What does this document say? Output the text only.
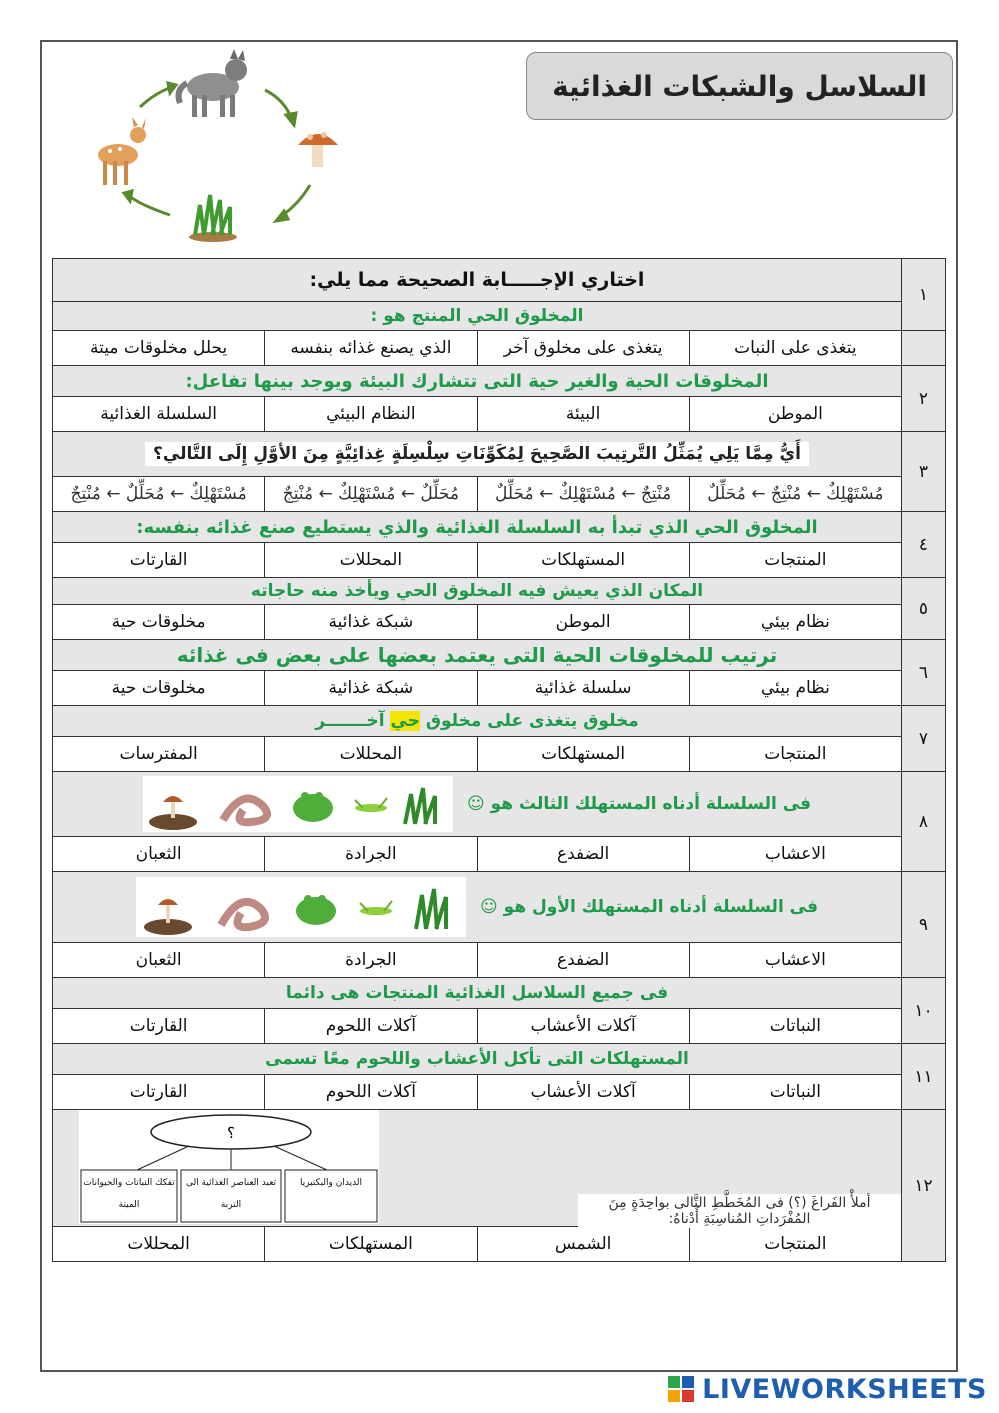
السلاسل والشبكات الغذائية
١	اختاري الإجـــــابة الصحيحة مما يلي:			
	المخلوق الحي المنتج هو :			
	يتغذى على النبات	يتغذى على مخلوق آخر	الذي يصنع غذائه بنفسه	يحلل مخلوقات ميتة
٢	المخلوقات الحية والغير حية التى تتشارك البيئة ويوجد بينها تفاعل:			
	الموطن	البيئة	النظام البيئي	السلسلة الغذائية
٣	أَيُّ مِمَّا يَلِي يُمَثِّلُ التَّرتِيبَ الصَّحِيحَ لِمُكَوِّنَاتِ سِلْسِلَةٍ غِذائِيَّةٍ مِنَ الأوَّلِ إِلَى التَّالي؟			
	مُسْتَهْلِكٌ ← مُنْتِجٌ ← مُحَلِّلٌ	مُنْتِجٌ ← مُسْتَهْلِكٌ ← مُحَلِّلٌ	مُحَلِّلٌ ← مُسْتَهْلِكٌ ← مُنْتِجٌ	مُسْتَهْلِكٌ ← مُحَلِّلٌ ← مُنْتِجٌ
٤	المخلوق الحي الذي تبدأ به السلسلة الغذائية والذي يستطيع صنع غذائه بنفسه:			
	المنتجات	المستهلكات	المحللات	القارتات
٥	المكان الذي يعيش فيه المخلوق الحي ويأخذ منه حاجاته			
	نظام بيئي	الموطن	شبكة غذائية	مخلوقات حية
٦	ترتيب للمخلوقات الحية التى يعتمد بعضها على بعض فى غذائه			
	نظام بيئي	سلسلة غذائية	شبكة غذائية	مخلوقات حية
٧	مخلوق يتغذى على مخلوق حي آخـــــــر			
	المنتجات	المستهلكات	المحللات	المفترسات
٨	فى السلسلة أدناه المستهلك الثالث هو ☺			

	الاعشاب	الضفدع	الجرادة	الثعبان
٩	فى السلسلة أدناه المستهلك الأول هو ☺			

	الاعشاب	الضفدع	الجرادة	الثعبان
١٠	فى جميع السلاسل الغذائية المنتجات هى دائما			
	النباتات	آكلات الأعشاب	آكلات اللحوم	القارتات
١١	المستهلكات التى تأكل الأعشاب واللحوم معًا تسمى			
	النباتات	آكلات الأعشاب	آكلات اللحوم	القارتات
١٢	أملأْ الفَراغَ (؟) فى المُخَطَّطِ التَّالى بواحِدَةٍ مِنَ المُفْرَداتِ المُناسِبَةِ أَدْناهُ:
؟
الديدان والبكتيريا
تعيد العناصر الغذائية الى التربة
تفكك النباتات والحيوانات الميتة			

	المنتجات	الشمس	المستهلكات	المحللات
LIVEWORKSHEETS
